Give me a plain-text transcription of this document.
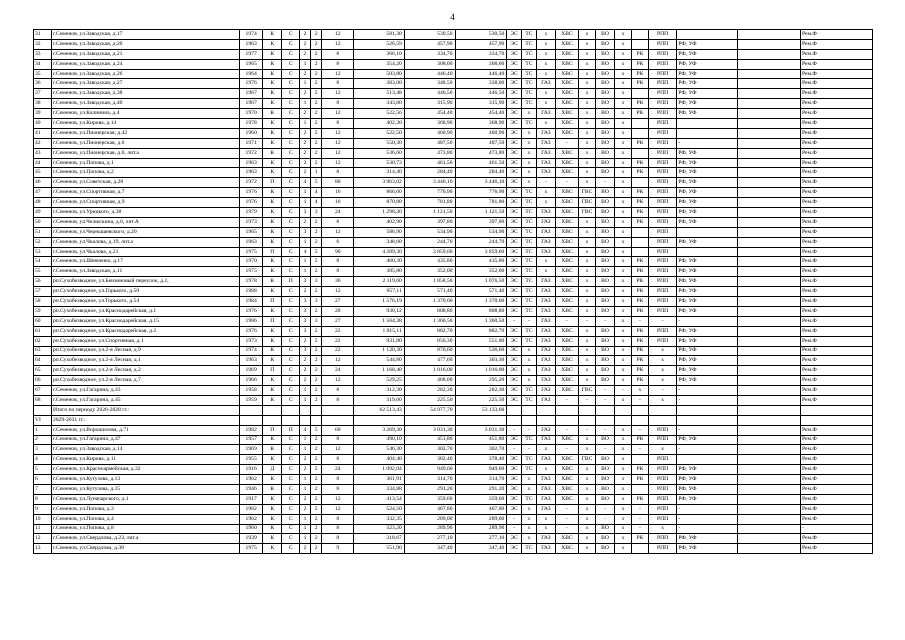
4
31	г.Семенов, ул.Заводская, д.17	1974	К	С	2	2	12	581,30	530,50	530,50	ЭС	ТС	х	ХВС	х	ВО	х		РПП			Рем.Ф
32	г.Семенов, ул.Заводская, д.20	1963	К	С	2	2	12	526,59	457,90	457,90	ЭС	ТС	х	ХВС	х	ВО	х		РПП	РФ, УФ		Рем.Ф
33	г.Семенов, ул.Заводская, д.21	1977	К	С	2	2	8	366,10	334,70	334,70	ЭС	ТС	х	ХВС	х	ВО	х	РК	РПП	РФ, УФ		Рем.Ф
34	г.Семенов, ул.Заводская, д.24	1965	К	С	1	2	8	354,20	308,00	308,00	ЭС	ТС	х	ХВС	х	ВО	х	РК	РПП	РФ, УФ		Рем.Ф
35	г.Семенов, ул.Заводская, д.26	1964	К	С	2	2	12	503,80	446,40	446,40	ЭС	ТС	х	ХВС	х	ВО	х	РК	РПП	РФ, УФ		Рем.Ф
36	г.Семенов, ул.Заводская, д.27	1976	К	С	1	2	8	383,00	348,50	338,00	ЭС	ТС	ГАЗ	ХВС	х	ВО	х	РК	РПП	РФ, УФ		Рем.Ф
37	г.Семенов, ул.Заводская, д.38	1967	К	С	2	2	12	513,48	446,50	446,50	ЭС	ТС	х	ХВС	х	ВО	х		РПП	РФ, УФ		Рем.Ф
38	г.Семенов, ул.Заводская, д.40	1967	К	С	1	2	8	343,80	315,90	315,90	ЭС	ТС	х	ХВС	х	ВО	х	РК	РПП	РФ, УФ		Рем.Ф
39	г.Семенов, ул.Калинина, д.4	1970	К	С	2	2	12	522,56	454,40	454,40	ЭС	х	ГАЗ	ХВС	х	ВО	х	РК	РПП	РФ, УФ		Рем.Ф
40	г.Семенов, ул.Кирова, д.14	1978	К	С	1	2	8	402,30	368,90	368,90	ЭС	ТС	х	ХВС	х	ВО	х		РПП			Рем.Ф
41	г.Семенов, ул.Пионерская, д.42	1960	К	С	2	2	12	522,50	460,90	460,90	ЭС	х	ГАЗ	ХВС	х	ВО	х		РПП			Рем.Ф
42	г.Семенов, ул.Пионерская, д.6	1971	К	С	2	2	12	550,30	487,50	487,50	ЭС	х	ГАЗ	-	х	ВО	х	РК	РПП	-		Рем.Ф
43	г.Семенов, ул.Пионерская, д.6, лит.а	1972	К	С	2	2	12	536,60	473,80	473,80	ЭС	х	ГАЗ	ХВС	х	ВО	х		РПП	РФ, УФ		Рем.Ф
44	г.Семенов, ул.Попова, д.1	1963	К	С	2	2	12	530,73	461,50	461,50	ЭС	х	ГАЗ	ХВС	х	ВО	х	РК	РПП	РФ, УФ		Рем.Ф
45	г.Семенов, ул.Попова, д.2	1963	К	С	2	1	8	314,40	284,40	284,40	ЭС	х	ГАЗ	ХВС	х	ВО	х	РК	РПП	РФ, УФ		Рем.Ф
46	г.Семенов, ул.Советская, д.28	1972	П	С	4	5	80	3 963,02	3 446,10	3 446,10	ЭС	х	-	-	х	-	х		РПП	РФ, УФ		Рем.Ф
47	г.Семенов, ул.Спортивная, д.7	1976	К	С	1	4	16	866,60	776,90	776,90	ЭС	ТС	х	ХВС	ГВС	ВО	х	РК	РПП	РФ, УФ		Рем.Ф
48	г.Семенов, ул.Спортивная, д.9	1976	К	С	1	4	16	870,80	781,80	781,80	ЭС	ТС	х	ХВС	ГВС	ВО	х	РК	РПП	РФ, УФ		Рем.Ф
49	г.Семенов, ул.Урицкого, д.38	1979	К	С	3	3	24	1 298,30	1 121,50	1 121,50	ЭС	ТС	ГАЗ	ХВС	ГВС	ВО	х	РК	РПП	РФ, УФ		Рем.Ф
50	г.Семенов, ул.Челюскина, д.6, лит.А	1973	К	С	2	2	8	402,90	397,80	397,80	ЭС	ТС	ГАЗ	ХВС	х	ВО	х	РК	РПП	РФ, УФ		Рем.Ф
51	г.Семенов, ул.Чернышевского, д.20	1965	К	С	3	2	12	586,90	534,90	534,90	ЭС	ТС	ГАЗ	ХВС	х	ВО	х		РПП			Рем.Ф
52	г.Семенов, ул.Чкалова, д.19, лит.а	1963	К	С	1	2	6	348,60	244,70	244,70	ЭС	ТС	ГАЗ	ХВС	х	ВО	х		РПП	РФ, УФ		Рем.Ф
53	г.Семенов, ул.Чкалова, д.21	1975	П	С	4	5	90	4 289,30	3 859,60	3 859,60	ЭС	ТС	ГАЗ	ХВС	х	ВО	х		РПП			Рем.Ф
54	г.Семенов, ул.Шевченко, д.17	1970	К	С	1	2	8	460,30	435,80	435,80	ЭС	ТС	х	ХВС	х	ВО	х	РК	РПП	РФ, УФ		Рем.Ф
55	г.Семенов, ул.Заводская, д.11	1975	К	С	1	2	8	385,80	352,00	352,00	ЭС	ТС	х	ХВС	х	ВО	х	РК	РПП	РФ, УФ		Рем.Ф
56	рп.Сухобезводное, ул.Бензиновый переулок, д.2,	1978	К	П	3	3	36	2 119,60	1 858,50	1 076,50	ЭС	ТС	ГАЗ	ХВС	х	ВО	х	РК	РПП	РФ, УФ		Рем.Ф
57	рп.Сухобезводное, ул.Горького, д.50	1988	К	С	2	2	12	657,11	571,40	571,40	ЭС	ТС	ГАЗ	ХВС	х	ВО	х	РК	РПП	РФ, УФ		Рем.Ф
58	рп.Сухобезводное, ул.Горького, д.54	1984	П	С	3	3	27	1 576,19	1 370,60	1 370,60	ЭС	ТС	ГАЗ	ХВС	х	ВО	х	РК	РПП	РФ, УФ		Рем.Ф
59	рп.Сухобезводное, ул.Краснодарейская, д.1	1976	К	С	3	2	20	930,12	808,80	808,80	ЭС	ТС	ГАЗ	ХВС	х	ВО	х	РК	РПП	РФ, УФ		Рем.Ф
60	рп.Сухобезводное, ул.Краснодарейская, д.15	1986	П	С	3	3	27	1 564,38	1 360,50	1 360,50	-	-	ГАЗ	-	-	-	х	-	-	-		Рем.Ф
61	рп.Сухобезводное, ул.Краснодарейская, д.2	1976	К	С	3	2	22	1 015,11	882,70	882,70	ЭС	ТС	ГАЗ	ХВС	х	ВО	х	РК	РПП	РФ, УФ		Рем.Ф
62	рп.Сухобезводное, ул.Спортивная, д.1	1973	К	С	2	2	22	931,80	856,30	551,80	ЭС	ТС	ГАЗ	ХВС	х	ВО	х	РК	РПП	РФ, УФ		Рем.Ф
63	рп.Сухобезводное, ул.2-я Лесная, д.9	1974	К	С	3	2	22	1 120,30	870,60	536,60	ЭС	х	ГАЗ	ХВС	х	ВО	х	РК	х	РФ, УФ		Рем.Ф
64	рп.Сухобезводное, ул.2-я Лесная, д.1	1963	К	С	2	2	12	544,80	477,60	303,30	ЭС	х	ГАЗ	ХВС	х	ВО	х	РК	х	РФ, УФ		Рем.Ф
65	рп.Сухобезводное, ул.2-я Лесная, д.2	1969	П	С	2	2	24	1 168,40	1 016,00	1 016,00	ЭС	х	ГАЗ	ХВС	х	ВО	х	РК	х	РФ, УФ		Рем.Ф
66	рп.Сухобезводное, ул.2-я Лесная, д.7	1966	К	С	2	2	12	529,25	468,00	295,20	ЭС	х	ГАЗ	ХВС	х	ВО	х	РК	х	РФ, УФ		Рем.Ф
67	г.Семенов, ул.Гагарина, д.43	1958	К	С	1	2	8	312,30	282,30	282,30	ЭС	ТС	ГАЗ	ХВС	ГВС	-	-	х	-	-		Рем.Ф
68	г.Семенов, ул.Гагарина, д.45	1959	К	С	1	2	8	319,60	225,50	225,50	ЭС	ТС	ГАЗ	-	-	-	х	-	х	-		Рем.Ф
	Итого по периоду 2026-2028 гг.:							62 513,43	54 977,70	53 133,60												
VI	2029-2031 гг.:																					
1	г.Семенов, ул.Ворошилова, д.71	1982	П	П	4	5	60	3 269,30	3 031,30	3 031,30	-	-	ГАЗ	-	-	-	х	-	РПП	-		Рем.Ф
2	г.Семенов, ул.Гагарина, д.47	1957	К	С	1	2	8	490,10	451,80	451,80	ЭС	ТС	ГАЗ	ХВС	х	ВО	х	РК	РПП	РФ, УФ		Рем.Ф
3	г.Семенов, ул.Заводская, д.14	1969	К	С	1	2	12	546,30	302,70	302,70	-	-	х	-	х	-	х	-	х	-		Рем.Ф
4	г.Семенов, ул.Кирова, д.11	1955	К	С	2	2	8	404,40	382,40	378,40	ЭС	ТС	ГАЗ	ХВС	ГВС	ВО	х		РПП			Рем.Ф
5	г.Семенов, ул.Красноармейская, д.32	1916	Д	С	2	2	24	1 092,04	949,60	949,60	ЭС	ТС	х	ХВС	х	ВО	х	РК	РПП	РФ, УФ		Рем.Ф
6	г.Семенов, ул.Кутузова, д.13	1962	К	С	1	2	8	361,91	314,70	314,70	ЭС	х	ГАЗ	ХВС	х	ВО	х	РК	РПП	РФ, УФ		Рем.Ф
7	г.Семенов, ул.Кутузова, д.15	1946	К	С	1	2	8	334,88	291,20	291,20	ЭС	х	ГАЗ	ХВС	х	ВО	х		РПП	РФ, УФ		Рем.Ф
8	г.Семенов, ул.Луначарского, д.1	1917	К	С	2	2	12	413,54	359,60	359,60	ЭС	ТС	ГАЗ	ХВС	х	ВО	х	РК	РПП	РФ, УФ		Рем.Ф
9	г.Семенов, ул.Попова, д.3	1962	К	С	2	2	12	524,50	467,80	467,80	ЭС	х	ГАЗ	-	х	-	х	-	РПП	-		Рем.Ф
10	г.Семенов, ул.Попова, д.4	1962	К	С	1	2	8	332,35	289,00	289,00	-	х	х	-	х	-	х	-	РПП	-		Рем.Ф
11	г.Семенов, ул.Попова, д.8	1960	К	С	1	2	8	323,20	289,90	289,90	-	х	х	-	х	ВО	х	-	х	-		-
12	г.Семенов, ул.Свердлова, д.23, лит.а	1939	К	С	1	2	8	318,67	277,10	277,10	ЭС	х	ГАЗ	ХВС	х	ВО	х	РК	РПП	РФ, УФ		Рем.Ф
13	г.Семенов, ул.Свердлова, д.38	1975	К	С	2	2	9	551,90	347,40	347,40	ЭС	ТС	ГАЗ	ХВС	х	ВО	х		РПП	РФ, УФ		Рем.Ф
